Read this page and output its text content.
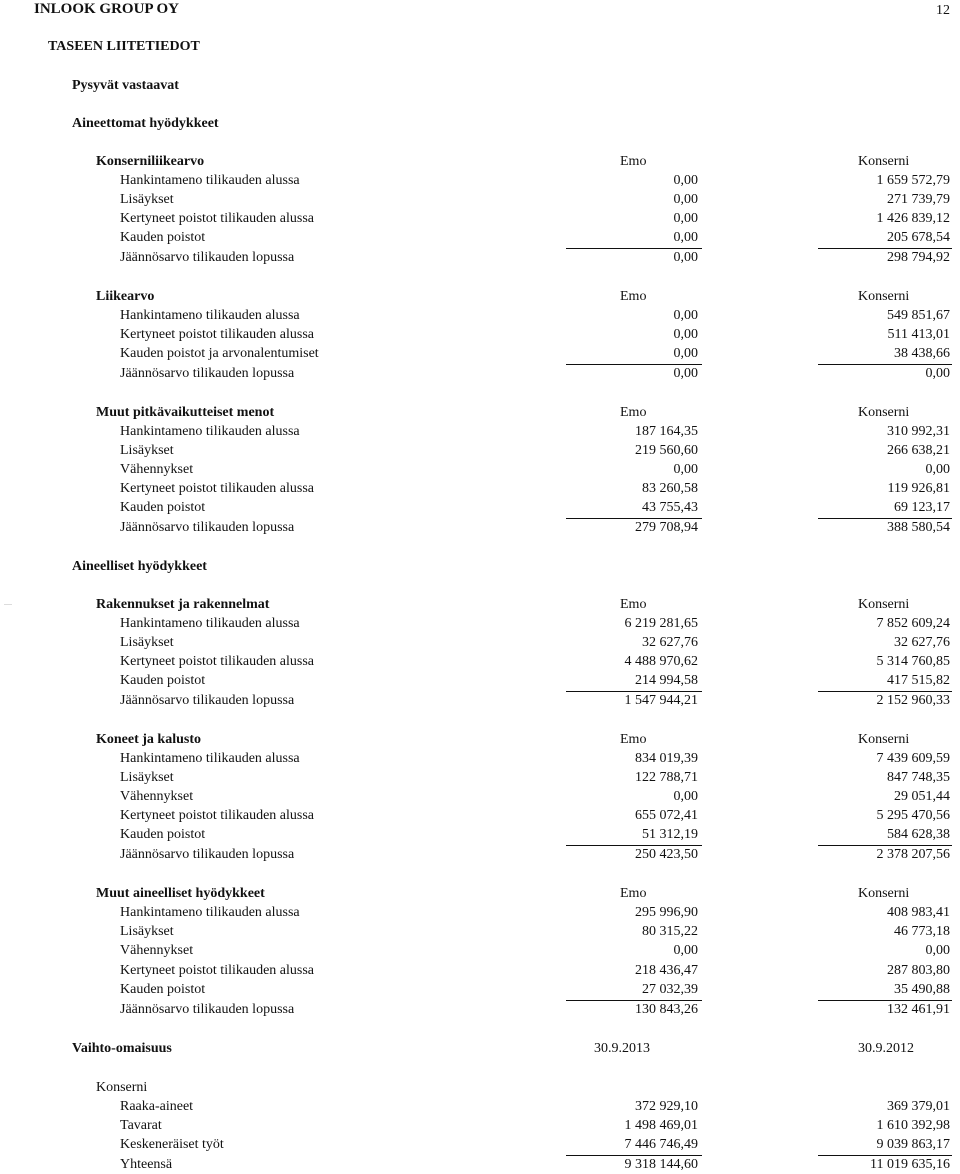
INLOOK GROUP OY	12
TASEEN LIITETIEDOT
Pysyvät vastaavat
Aineettomat hyödykkeet
Konserniliikearvo	Emo	Konserni
Hankintameno tilikauden alussa	0,00	1 659 572,79
Lisäykset	0,00	271 739,79
Kertyneet poistot tilikauden alussa	0,00	1 426 839,12
Kauden poistot	0,00	205 678,54
Jäännösarvo tilikauden lopussa	0,00	298 794,92
Liikearvo	Emo	Konserni
Hankintameno tilikauden alussa	0,00	549 851,67
Kertyneet poistot tilikauden alussa	0,00	511 413,01
Kauden poistot ja arvonalentumiset	0,00	38 438,66
Jäännösarvo tilikauden lopussa	0,00	0,00
Muut pitkävaikutteiset menot	Emo	Konserni
Hankintameno tilikauden alussa	187 164,35	310 992,31
Lisäykset	219 560,60	266 638,21
Vähennykset	0,00	0,00
Kertyneet poistot tilikauden alussa	83 260,58	119 926,81
Kauden poistot	43 755,43	69 123,17
Jäännösarvo tilikauden lopussa	279 708,94	388 580,54
Aineelliset hyödykkeet
Rakennukset ja rakennelmat	Emo	Konserni
Hankintameno tilikauden alussa	6 219 281,65	7 852 609,24
Lisäykset	32 627,76	32 627,76
Kertyneet poistot tilikauden alussa	4 488 970,62	5 314 760,85
Kauden poistot	214 994,58	417 515,82
Jäännösarvo tilikauden lopussa	1 547 944,21	2 152 960,33
Koneet ja kalusto	Emo	Konserni
Hankintameno tilikauden alussa	834 019,39	7 439 609,59
Lisäykset	122 788,71	847 748,35
Vähennykset	0,00	29 051,44
Kertyneet poistot tilikauden alussa	655 072,41	5 295 470,56
Kauden poistot	51 312,19	584 628,38
Jäännösarvo tilikauden lopussa	250 423,50	2 378 207,56
Muut aineelliset hyödykkeet	Emo	Konserni
Hankintameno tilikauden alussa	295 996,90	408 983,41
Lisäykset	80 315,22	46 773,18
Vähennykset	0,00	0,00
Kertyneet poistot tilikauden alussa	218 436,47	287 803,80
Kauden poistot	27 032,39	35 490,88
Jäännösarvo tilikauden lopussa	130 843,26	132 461,91
Vaihto-omaisuus	30.9.2013	30.9.2012
Konserni
Raaka-aineet	372 929,10	369 379,01
Tavarat	1 498 469,01	1 610 392,98
Keskeneräiset työt	7 446 746,49	9 039 863,17
Yhteensä	9 318 144,60	11 019 635,16
